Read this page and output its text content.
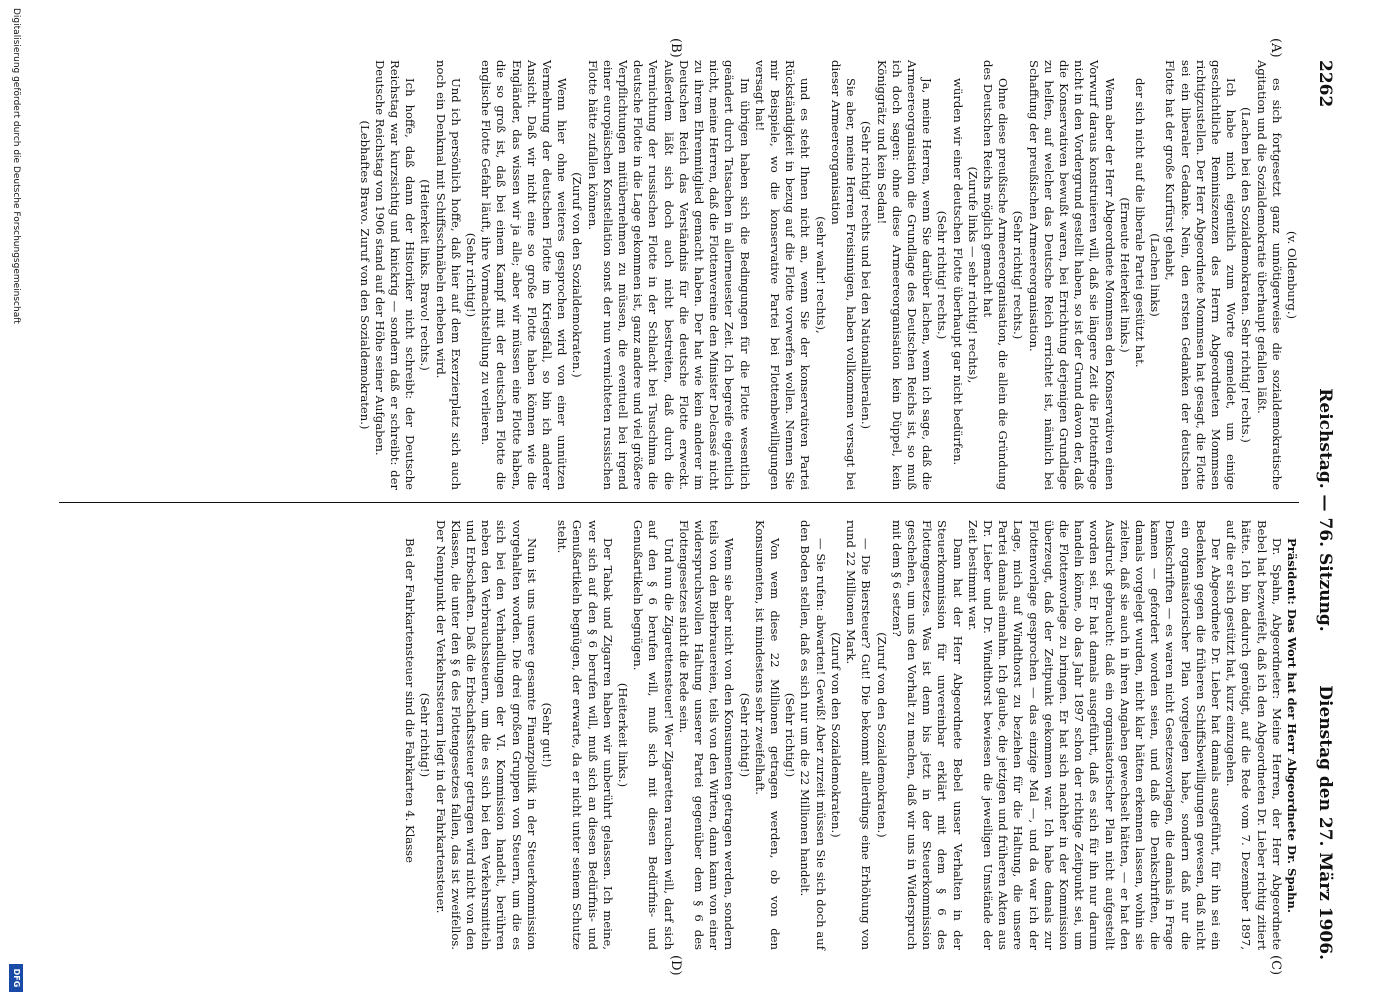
2262
Reichstag. — 76. Sitzung.
Dienstag den 27. März 1906.
(A)
(B)
(C)
(D)

(v. Oldenburg.)

es sich fortgesetzt ganz unnötigerweise die sozialdemokratische Agitation und die Sozialdemokratie überhaupt gefallen läßt.

(Lachen bei den Sozialdemokraten. Sehr richtig! rechts.)

Ich habe mich eigentlich zum Worte gemeldet, um einige geschichtliche Reminiszenzen des Herrn Abgeordneten Mommsen richtigzustellen. Der Herr Abgeordnete Mommsen hat gesagt, die Flotte sei ein liberaler Gedanke. Nein, den ersten Gedanken der deutschen Flotte hat der große Kurfürst gehabt,

(Lachen links)

der sich nicht auf die liberale Partei gestützt hat.

(Erneute Heiterkeit links.)

Wenn aber der Herr Abgeordnete Mommsen den Konservativen einen Vorwurf daraus konstruieren will, daß sie längere Zeit die Flottenfrage nicht in den Vordergrund gestellt haben, so ist der Grund davon der, daß die Konservativen bewußt waren, bei Errichtung derjenigen Grundlage zu helfen, auf welcher das Deutsche Reich errichtet ist, nämlich bei Schaffung der preußischen Armeereorganisation.

(Sehr richtig! rechts.)

Ohne diese preußische Armeereorganisation, die allein die Gründung des Deutschen Reichs möglich gemacht hat

(Zurufe links — sehr richtig! rechts),

würden wir einer deutschen Flotte überhaupt gar nicht bedürfen.

(Sehr richtig! rechts.)

Ja, meine Herren, wenn Sie darüber lachen, wenn ich sage, daß die Armeereorganisation die Grundlage des Deutschen Reichs ist, so muß ich doch sagen: ohne diese Armeereorganisation kein Düppel, kein Königgrätz und kein Sedan!

(Sehr richtig! rechts und bei den Nationalliberalen.)

Sie aber, meine Herren Freisinnigen, haben vollkommen versagt bei dieser Armeereorganisation

(sehr wahr! rechts),

und es steht Ihnen nicht an, wenn Sie der konservativen Partei Rückständigkeit in bezug auf die Flotte vorwerfen wollen. Nennen Sie mir Beispiele, wo die konservative Partei bei Flottenbewilligungen versagt hat!

Im übrigen haben sich die Bedingungen für die Flotte wesentlich geändert durch Tatsachen in allerneuester Zeit. Ich begreife eigentlich nicht, meine Herren, daß die Flottenvereine den Minister Delcassé nicht zu ihrem Ehrenmitglied gemacht haben. Der hat wie kein anderer im Deutschen Reich das Verständnis für die deutsche Flotte erweckt. Außerdem läßt sich doch auch nicht bestreiten, daß durch die Vernichtung der russischen Flotte in der Schlacht bei Tsuschima die deutsche Flotte in die Lage gekommen ist, ganz andere und viel größere Verpflichtungen mitübernehmen zu müssen, die eventuell bei irgend einer europäischen Konstellation sonst der nun vernichteten russischen Flotte hätte zufallen können.

(Zuruf von den Sozialdemokraten.)

Wenn hier ohne weiteres gesprochen wird von einer unnützen Vermehrung der deutschen Flotte im Kriegsfall, so bin ich anderer Ansicht. Daß wir nicht eine so große Flotte haben können wie die Engländer, das wissen wir ja alle; aber wir müssen eine Flotte haben, die so groß ist, daß bei einem Kampf mit der deutschen Flotte die englische Flotte Gefahr läuft, ihre Vormachtstellung zu verlieren.

(Sehr richtig!)

Und ich persönlich hoffe, daß hier auf dem Exerzierplatz sich auch noch ein Denkmal mit Schiffsschnäbeln erheben wird.

(Heiterkeit links. Bravo! rechts.)

Ich hoffe, daß dann der Historiker nicht schreibt: der Deutsche Reichstag war kurzsichtig und knickrig — sondern daß er schreibt: der Deutsche Reichstag von 1906 stand auf der Höhe seiner Aufgaben.

(Lebhaftes Bravo. Zuruf von den Sozialdemokraten.)

Präsident: Das Wort hat der Herr Abgeordnete Dr. Spahn.

Dr. Spahn, Abgeordneter: Meine Herren, der Herr Abgeordnete Bebel hat bezweifelt, daß ich den Abgeordneten Dr. Lieber richtig zitiert hätte. Ich bin dadurch genötigt, auf die Rede vom 7. Dezember 1897, auf die er sich gestützt hat, kurz einzugehen.

Der Abgeordnete Dr. Lieber hat damals ausgeführt, für ihn sei ein Bedenken gegen die früheren Schiffsbewilligungen gewesen, daß nicht ein organisatorischer Plan vorgelegen habe, sondern daß nur die Denkschriften — es waren nicht Gesetzesvorlagen, die damals in Frage kamen — gefordert worden seien, und daß die Denkschriften, die damals vorgelegt wurden, nicht klar hätten erkennen lassen, wohin sie zielten, daß sie auch in ihren Angaben gewechselt hätten, — er hat den Ausdruck gebraucht: daß ein organisatorischer Plan nicht aufgestellt worden sei. Er hat damals ausgeführt, daß es sich für ihn nur darum handeln könne, ob das Jahr 1897 schon der richtige Zeitpunkt sei, um die Flottenvorlage zu bringen. Er hat sich nachher in der Kommission überzeugt, daß der Zeitpunkt gekommen war. Ich habe damals zur Flottenvorlage gesprochen — das einzige Mal —, und da war ich der Lage, mich auf Windthorst zu beziehen für die Haltung, die unsere Partei damals einnahm. Ich glaube, die jetzigen und früheren Akten aus Dr. Lieber und Dr. Windthorst bewiesen die jeweiligen Umstände der Zeit bestimmt war.

Dann hat der Herr Abgeordnete Bebel unser Verhalten in der Steuerkommission für unvereinbar erklärt mit dem § 6 des Flottengesetzes. Was ist denn bis jetzt in der Steuerkommission geschehen, um uns den Vorhalt zu machen, daß wir uns in Widerspruch mit dem § 6 setzen?

(Zuruf von den Sozialdemokraten.)

— Die Biersteuer? Gut! Die bekommt allerdings eine Erhöhung von rund 22 Millionen Mark.

(Zuruf von den Sozialdemokraten.)

— Sie rufen: abwarten! Gewiß! Aber zurzeit müssen Sie sich doch auf den Boden stellen, daß es sich nur um die 22 Millionen handelt.

(Sehr richtig!)

Von wem diese 22 Millionen getragen werden, ob von den Konsumenten, ist mindestens sehr zweifelhaft.

(Sehr richtig!)

Wenn sie aber nicht von den Konsumenten getragen werden, sondern teils von den Bierbrauereien, teils von den Wirten, dann kann von einer widerspruchsvollen Haltung unserer Partei gegenüber dem § 6 des Flottengesetzes nicht die Rede sein.

Und nun die Zigarettensteuer! Wer Zigaretten rauchen will, darf sich auf den § 6 berufen will, muß sich mit diesen Bedürfnis- und Genußartikeln begnügen.

(Heiterkeit links.)

Der Tabak und Zigarren haben wir unberührt gelassen. Ich meine, wer sich auf den § 6 berufen will, muß sich an diesen Bedürfnis- und Genußartikeln begnügen, der erwarte, da er nicht unter seinem Schutze steht.

(Sehr gut!)

Nun ist uns unsere gesamte Finanzpolitik in der Steuerkommission vorgehalten worden. Die drei großen Gruppen von Steuern, um die es sich bei den Verhandlungen der VI. Kommission handelt, berühren neben den Verbrauchssteuern, um die es sich bei den Verkehrsmitteln und Erbschaften. Daß die Erbschaftssteuer getragen wird nicht von den Klassen, die unter den § 6 des Flottengesetzes fallen, das ist zweifellos. Der Nennpunkt der Verkehrssteuern liegt in der Fahrkartensteuer.

(Sehr richtig!)

Bei der Fahrkartensteuer sind die Fahrkarten 4. Klasse

Digitalisierung gefördert durch die Deutsche Forschungsgemeinschaft
DFG
